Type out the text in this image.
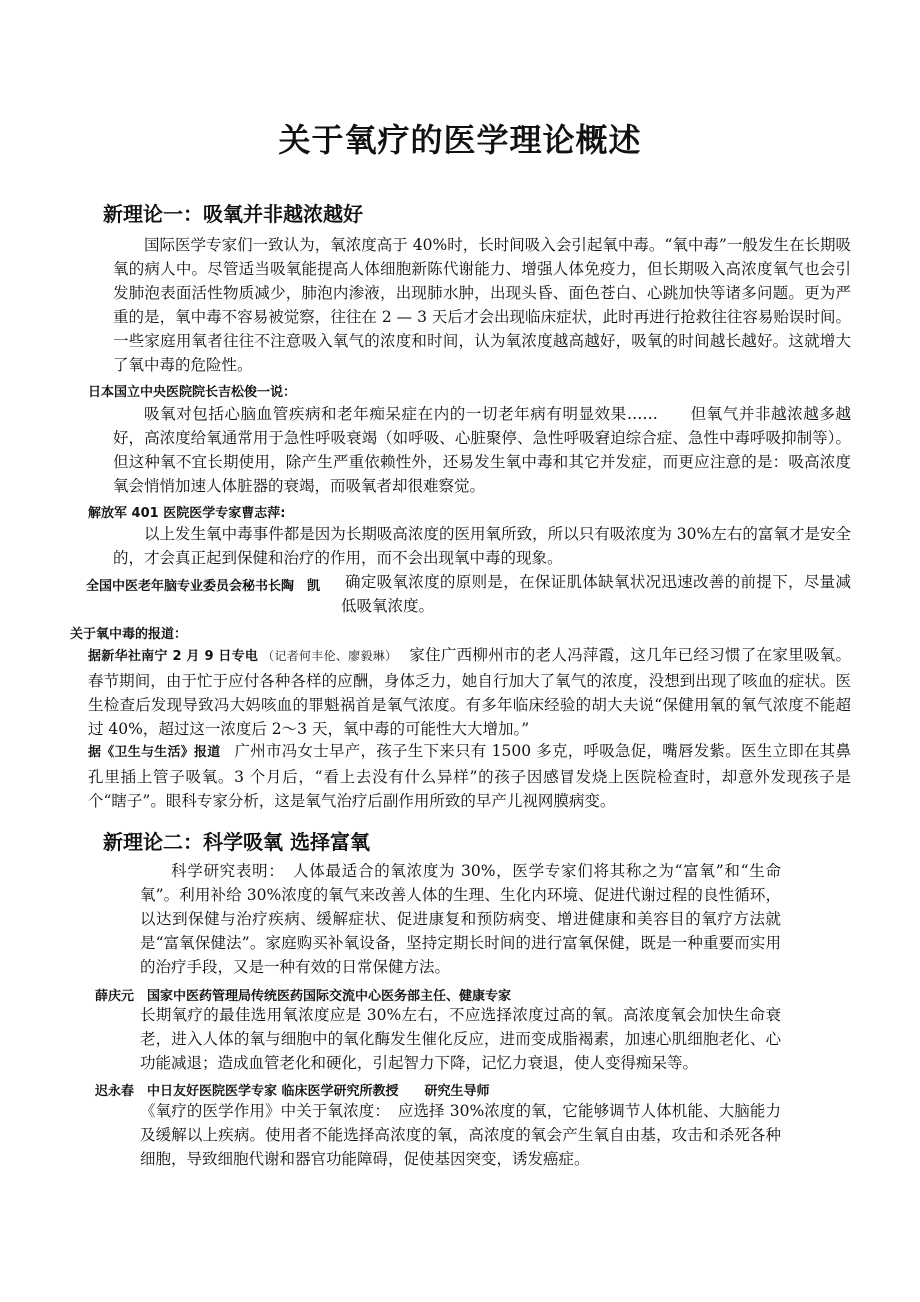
关于氧疗的医学理论概述
新理论一：吸氧并非越浓越好
国际医学专家们一致认为，氧浓度高于 40%时，长时间吸入会引起氧中毒。“氧中毒”一般发生在长期吸氧的病人中。尽管适当吸氧能提高人体细胞新陈代谢能力、增强人体免疫力，但长期吸入高浓度氧气也会引发肺泡表面活性物质减少，肺泡内渗液，出现肺水肿，出现头昏、面色苍白、心跳加快等诸多问题。更为严重的是，氧中毒不容易被觉察，往往在 2 — 3 天后才会出现临床症状，此时再进行抢救往往容易贻误时间。一些家庭用氧者往往不注意吸入氧气的浓度和时间，认为氧浓度越高越好，吸氧的时间越长越好。这就增大了氧中毒的危险性。
日本国立中央医院院长吉松俊一说：
吸氧对包括心脑血管疾病和老年痴呆症在内的一切老年病有明显效果……　　但氧气并非越浓越多越好，高浓度给氧通常用于急性呼吸衰竭（如呼吸、心脏聚停、急性呼吸窘迫综合症、急性中毒呼吸抑制等）。但这种氧不宜长期使用，除产生严重依赖性外，还易发生氧中毒和其它并发症，而更应注意的是：吸高浓度氧会悄悄加速人体脏器的衰竭，而吸氧者却很难察觉。
解放军 401 医院医学专家曹志萍:
以上发生氧中毒事件都是因为长期吸高浓度的医用氧所致，所以只有吸浓度为 30%左右的富氧才是安全的，才会真正起到保健和治疗的作用，而不会出现氧中毒的现象。
全国中医老年脑专业委员会秘书长陶　凯 确定吸氧浓度的原则是，在保证肌体缺氧状况迅速改善的前提下，尽量减低吸氧浓度。
关于氧中毒的报道：
据新华社南宁 2 月 9 日专电 （记者何丰伦、廖毅琳） 家住广西柳州市的老人冯萍霞，这几年已经习惯了在家里吸氧。春节期间，由于忙于应付各种各样的应酬，身体乏力，她自行加大了氧气的浓度，没想到出现了咳血的症状。医生检查后发现导致冯大妈咳血的罪魁祸首是氧气浓度。有多年临床经验的胡大夫说“保健用氧的氧气浓度不能超过 40%，超过这一浓度后 2～3 天，氧中毒的可能性大大增加。”
据《卫生与生活》报道 广州市冯女士早产，孩子生下来只有 1500 多克，呼吸急促，嘴唇发紫。医生立即在其鼻孔里插上管子吸氧。3 个月后，“看上去没有什么异样”的孩子因感冒发烧上医院检查时，却意外发现孩子是个“瞎子”。眼科专家分析，这是氧气治疗后副作用所致的早产儿视网膜病变。
新理论二：科学吸氧 选择富氧
科学研究表明：　人体最适合的氧浓度为 30%，医学专家们将其称之为“富氧”和“生命氧”。利用补给 30%浓度的氧气来改善人体的生理、生化内环境、促进代谢过程的良性循环，以达到保健与治疗疾病、缓解症状、促进康复和预防病变、增进健康和美容目的氧疗方法就是“富氧保健法”。家庭购买补氧设备，坚持定期长时间的进行富氧保健，既是一种重要而实用的治疗手段，又是一种有效的日常保健方法。
薛庆元　国家中医药管理局传统医药国际交流中心医务部主任、健康专家
长期氧疗的最佳选用氧浓度应是 30%左右，不应选择浓度过高的氧。高浓度氧会加快生命衰老，进入人体的氧与细胞中的氧化酶发生催化反应，进而变成脂褐素，加速心肌细胞老化、心功能减退；造成血管老化和硬化，引起智力下降，记忆力衰退，使人变得痴呆等。
迟永春　中日友好医院医学专家 临床医学研究所教授　　研究生导师
《氧疗的医学作用》中关于氧浓度：　应选择 30%浓度的氧，它能够调节人体机能、大脑能力及缓解以上疾病。使用者不能选择高浓度的氧，高浓度的氧会产生氧自由基，攻击和杀死各种细胞，导致细胞代谢和器官功能障碍，促使基因突变，诱发癌症。
